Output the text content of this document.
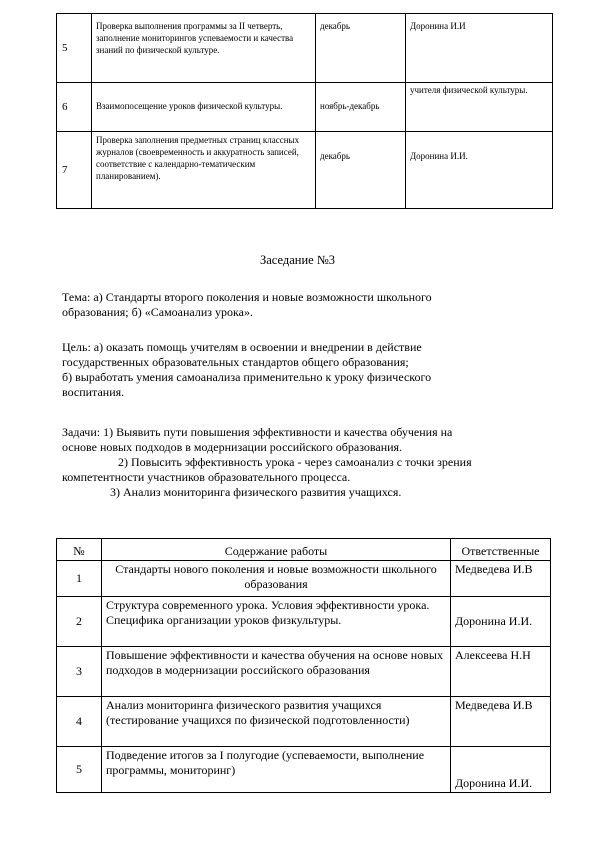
5	Проверка выполнения программы за II четверть, заполнение мониторингов успеваемости и качества знаний по физической культуре.	декабрь	Доронина И.И
6	Взаимопосещение уроков физической культуры.	ноябрь-декабрь	учителя физической культуры.
7	Проверка заполнения предметных страниц классных журналов (своевременность и аккуратность записей, соответствие с календарно-тематическим планированием).	декабрь	Доронина И.И.
Заседание №3
Тема: а) Стандарты второго поколения и новые возможности школьного
образования; б) «Самоанализ урока».
Цель: а) оказать помощь учителям в освоении и внедрении в действие
государственных образовательных стандартов общего образования;
б) выработать умения самоанализа применительно к уроку физического
воспитания.
Задачи: 1) Выявить пути повышения эффективности и качества обучения на
основе новых подходов в модернизации российского образования.
2) Повысить эффективность урока - через самоанализ с точки зрения
компетентности участников образовательного процесса.
3) Анализ мониторинга физического развития учащихся.
№	Содержание работы	Ответственные
1	Стандарты нового поколения и новые возможности школьного образования	Медведева И.В
2	Структура современного урока. Условия эффективности урока. Специфика организации уроков физкультуры.	Доронина И.И.
3	Повышение эффективности и качества обучения на основе новых подходов в модернизации российского образования	Алексеева Н.Н
4	Анализ мониторинга физического развития учащихся (тестирование учащихся по физической подготовленности)	Медведева И.В
5	Подведение итогов за I полугодие (успеваемости, выполнение программы, мониторинг)	Доронина И.И.
